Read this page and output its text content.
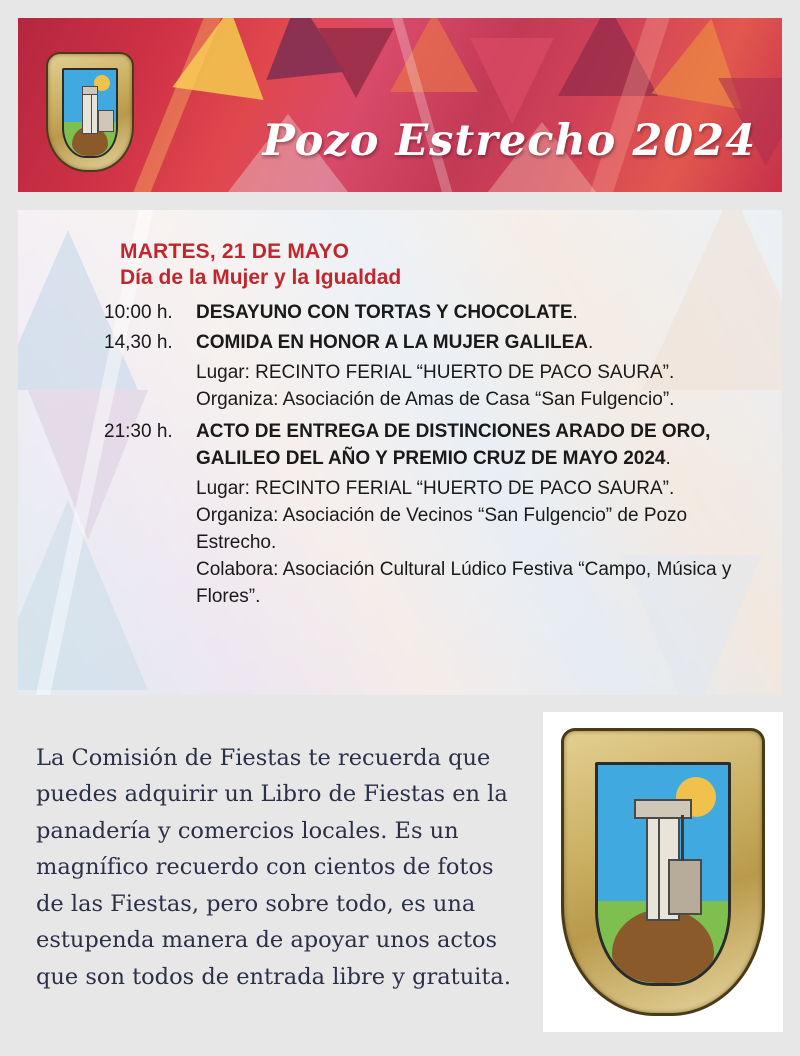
Pozo Estrecho 2024
MARTES, 21 DE MAYO
Día de la Mujer y la Igualdad
10:00 h.	DESAYUNO CON TORTAS Y CHOCOLATE.
14,30 h.	COMIDA EN HONOR A LA MUJER GALILEA.
Lugar: RECINTO FERIAL “HUERTO DE PACO SAURA”.
Organiza: Asociación de Amas de Casa “San Fulgencio”.
21:30 h.	ACTO DE ENTREGA DE DISTINCIONES ARADO DE ORO, GALILEO DEL AÑO Y PREMIO CRUZ DE MAYO 2024.
Lugar: RECINTO FERIAL “HUERTO DE PACO SAURA”.
Organiza: Asociación de Vecinos “San Fulgencio” de Pozo Estrecho.
Colabora: Asociación Cultural Lúdico Festiva “Campo, Música y Flores”.
La Comisión de Fiestas te recuerda que puedes adquirir un Libro de Fiestas en la panadería y comercios locales. Es un magnífico recuerdo con cientos de fotos de las Fiestas, pero sobre todo, es una estupenda manera de apoyar unos actos que son todos de entrada libre y gratuita.
